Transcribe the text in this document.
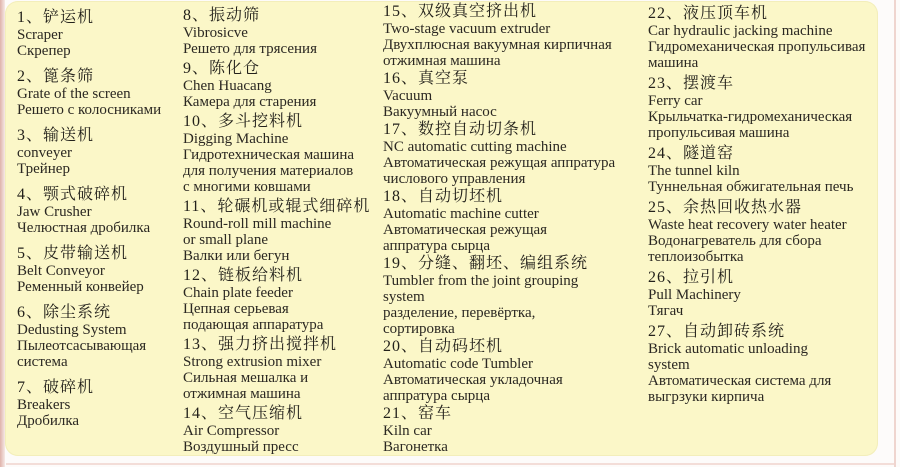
1、铲运机
Scraper
Скрепер
2、篦条筛
Grate of the screen
Решето с колосниками
3、输送机
conveyer
Трейнер
4、颚式破碎机
Jaw Crusher
Челюстная дробилка
5、皮带输送机
Belt Conveyor
Ременный конвейер
6、除尘系统
Dedusting System
Пылеотсасывающая
система
7、破碎机
Breakers
Дробилка
8、振动筛
Vibrosicve
Решето для трясения
9、陈化仓
Chen Huacang
Камера для старения
10、多斗挖料机
Digging Machine
Гидротехническая машина
для получения материалов
с многими ковшами
11、轮碾机或辊式细碎机
Round-roll mill machine
or small plane
Валки или бегун
12、链板给料机
Chain plate feeder
Цепная серьевая
подающая аппаратура
13、强力挤出搅拌机
Strong extrusion mixer
Сильная мешалка и
отжимная машина
14、空气压缩机
Air Compressor
Воздушный пресс
15、双级真空挤出机
Two-stage vacuum extruder
Двухплюсная вакуумная кирпичная
отжимная машина
16、真空泵
Vacuum
Вакуумный насос
17、数控自动切条机
NC automatic cutting machine
Автоматическая режущая аппратура
числового управления
18、自动切坯机
Automatic machine cutter
Автоматическая режущая
аппратура сырца
19、分缝、翻坯、编组系统
Tumbler from the joint grouping
system
разделение, перевёртка,
сортировка
20、自动码坯机
Automatic code Tumbler
Автоматическая укладочная
аппратура сырца
21、窑车
Kiln car
Вагонетка
22、液压顶车机
Car hydraulic jacking machine
Гидромеханическая пропульсивая
машина
23、摆渡车
Ferry car
Крыльчатка-гидромеханическая
пропульсивая машина
24、隧道窑
The tunnel kiln
Туннельная обжигательная печь
25、余热回收热水器
Waste heat recovery water heater
Водонагреватель для сбора
теплоизобытка
26、拉引机
Pull Machinery
Тягач
27、自动卸砖系统
Brick automatic unloading
system
Автоматическая система для
выгрзуки кирпича
